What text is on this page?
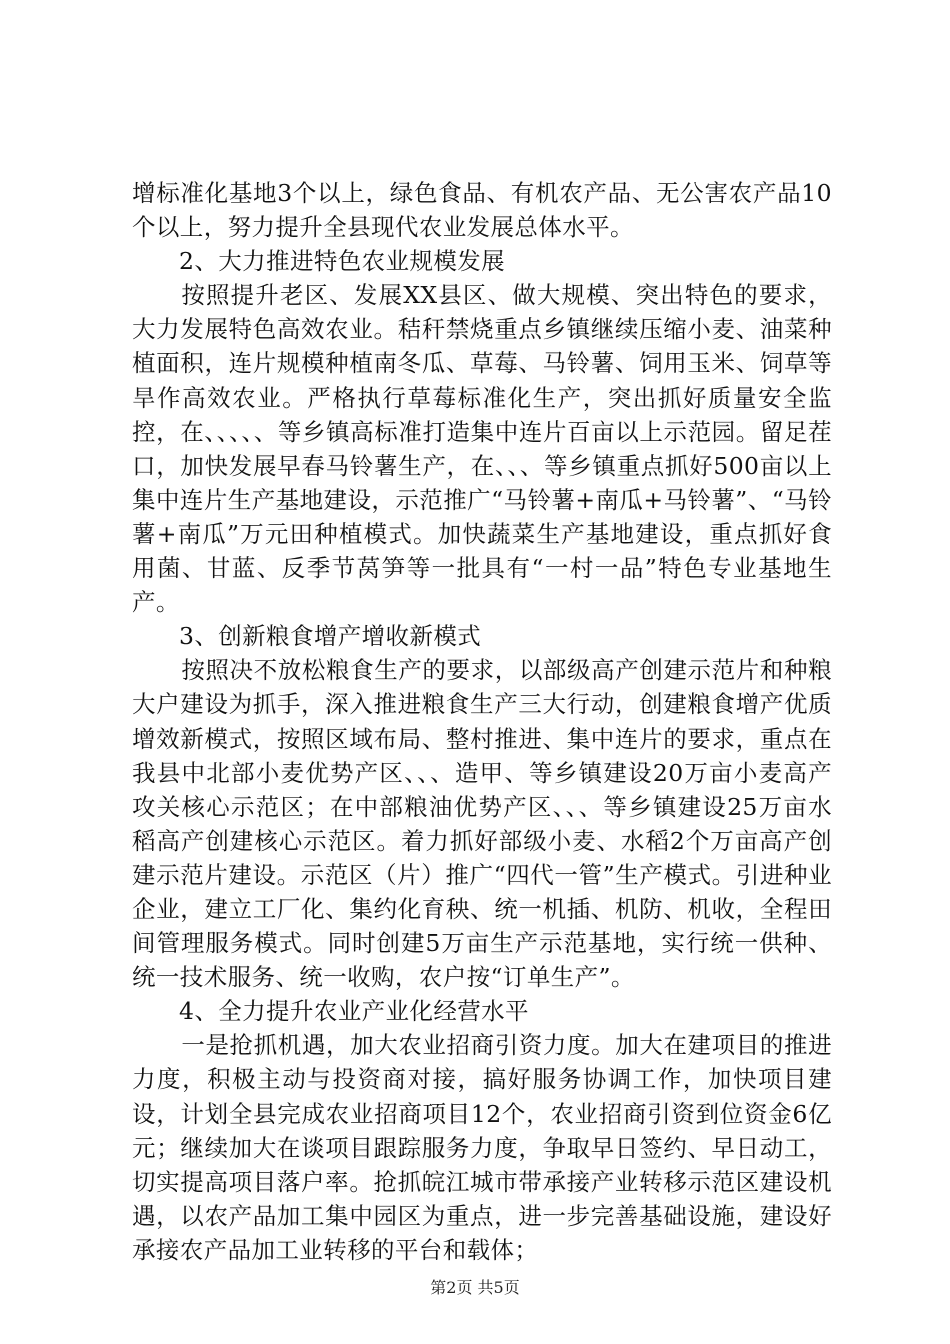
增标准化基地3个以上，绿色食品、有机农产品、无公害农产品10个以上，努力提升全县现代农业发展总体水平。

2、大力推进特色农业规模发展

按照提升老区、发展XX县区、做大规模、突出特色的要求，大力发展特色高效农业。秸秆禁烧重点乡镇继续压缩小麦、油菜种植面积，连片规模种植南冬瓜、草莓、马铃薯、饲用玉米、饲草等旱作高效农业。严格执行草莓标准化生产，突出抓好质量安全监控，在、、、、、等乡镇高标准打造集中连片百亩以上示范园。留足茬口，加快发展早春马铃薯生产，在、、、等乡镇重点抓好500亩以上集中连片生产基地建设，示范推广“马铃薯+南瓜+马铃薯”、“马铃薯+南瓜”万元田种植模式。加快蔬菜生产基地建设，重点抓好食用菌、甘蓝、反季节莴笋等一批具有“一村一品”特色专业基地生产。

3、创新粮食增产增收新模式

按照决不放松粮食生产的要求，以部级高产创建示范片和种粮大户建设为抓手，深入推进粮食生产三大行动，创建粮食增产优质增效新模式，按照区域布局、整村推进、集中连片的要求，重点在我县中北部小麦优势产区、、、造甲、等乡镇建设20万亩小麦高产攻关核心示范区；在中部粮油优势产区、、、等乡镇建设25万亩水稻高产创建核心示范区。着力抓好部级小麦、水稻2个万亩高产创建示范片建设。示范区（片）推广“四代一管”生产模式。引进种业企业，建立工厂化、集约化育秧、统一机插、机防、机收，全程田间管理服务模式。同时创建5万亩生产示范基地，实行统一供种、统一技术服务、统一收购，农户按“订单生产”。

4、全力提升农业产业化经营水平

一是抢抓机遇，加大农业招商引资力度。加大在建项目的推进力度，积极主动与投资商对接，搞好服务协调工作，加快项目建设，计划全县完成农业招商项目12个，农业招商引资到位资金6亿元；继续加大在谈项目跟踪服务力度，争取早日签约、早日动工，切实提高项目落户率。抢抓皖江城市带承接产业转移示范区建设机遇，以农产品加工集中园区为重点，进一步完善基础设施，建设好承接农产品加工业转移的平台和载体；

第2页 共5页
